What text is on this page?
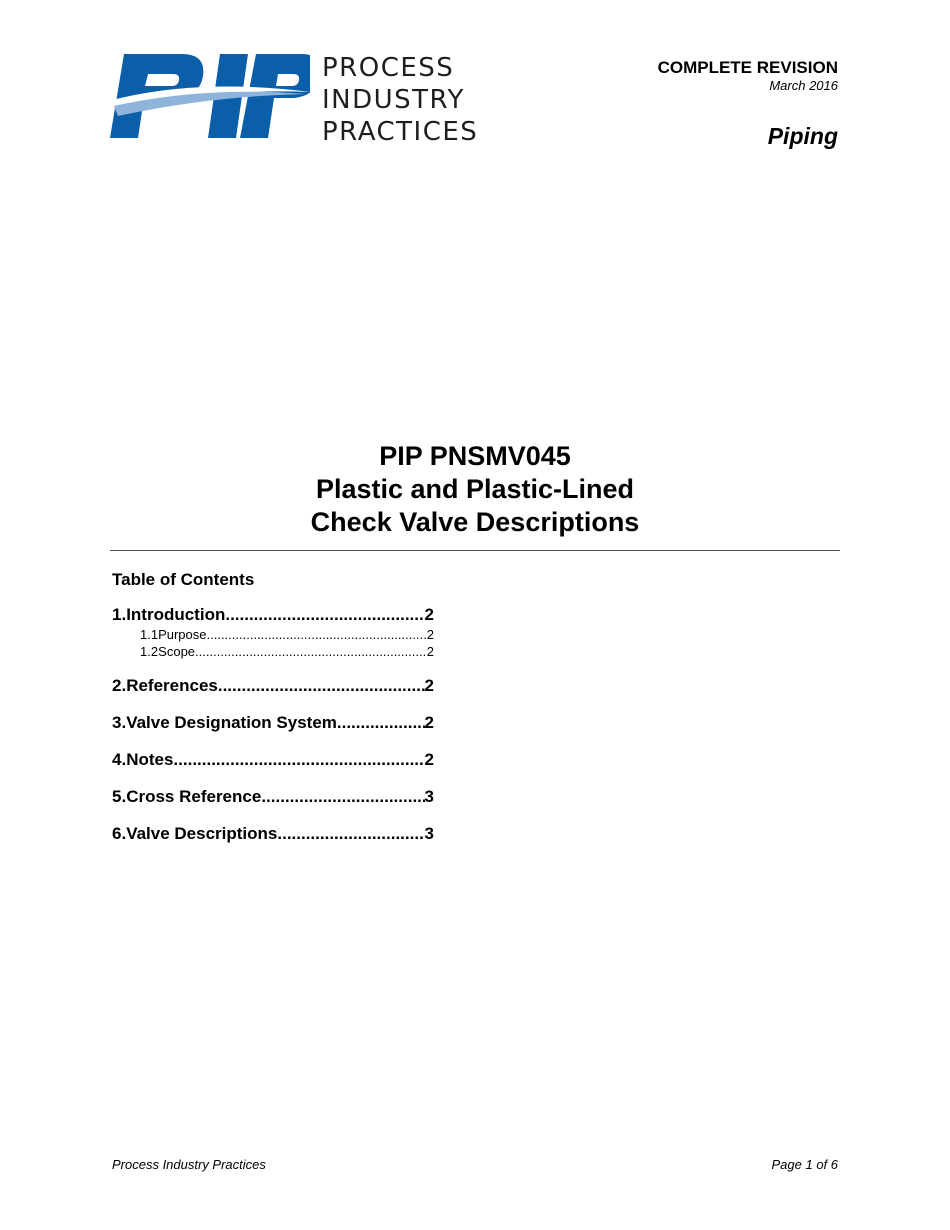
PROCESS
INDUSTRY
PRACTICES
COMPLETE REVISION
March 2016
Piping
PIP PNSMV045
Plastic and Plastic-Lined
Check Valve Descriptions
Table of Contents
1. Introduction .....	2
1.1 Purpose .....	2
1.2 Scope .....	2
2. References .....	2
3. Valve Designation System .....	2
4. Notes .....	2
5. Cross Reference .....	3
6. Valve Descriptions .....	3
Process Industry Practices	Page 1 of 6
